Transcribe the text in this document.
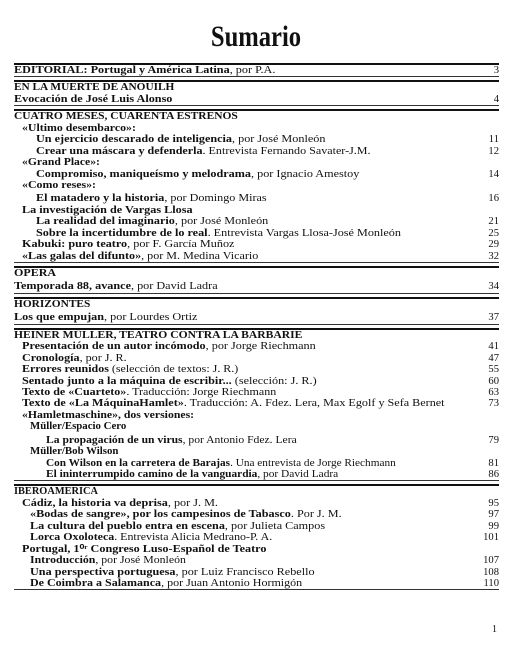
Sumario
EDITORIAL: Portugal y América Latina, por P.A.	3
EN LA MUERTE DE ANOUILH
Evocación de José Luis Alonso	4
CUATRO MESES, CUARENTA ESTRENOS
«Ultimo desembarco»:
Un ejercicio descarado de inteligencia, por José Monleón	11
Crear una máscara y defenderla. Entrevista Fernando Savater-J.M.	12
«Grand Place»:
Compromiso, maniqueísmo y melodrama, por Ignacio Amestoy	14
«Como reses»:
El matadero y la historia, por Domingo Miras	16
La investigación de Vargas Llosa
La realidad del imaginario, por José Monleón	21
Sobre la incertidumbre de lo real. Entrevista Vargas Llosa-José Monleón	25
Kabuki: puro teatro, por F. García Muñoz	29
«Las galas del difunto», por M. Medina Vicario	32
OPERA
Temporada 88, avance, por David Ladra	34
HORIZONTES
Los que empujan, por Lourdes Ortiz	37
HEINER MÜLLER, TEATRO CONTRA LA BARBARIE
Presentación de un autor incómodo, por Jorge Riechmann	41
Cronología, por J. R.	47
Errores reunidos (selección de textos: J. R.)	55
Sentado junto a la máquina de escribir... (selección: J. R.)	60
Texto de «Cuarteto». Traducción: Jorge Riechmann	63
Texto de «La MáquinaHamlet». Traducción: A. Fdez. Lera, Max Egolf y Sefa Bernet	73
«Hamletmaschine», dos versiones:
Müller/Espacio Cero
La propagación de un virus, por Antonio Fdez. Lera	79
Müller/Bob Wilson
Con Wilson en la carretera de Barajas. Una entrevista de Jorge Riechmann	81
El ininterrumpido camino de la vanguardia, por David Ladra	86
IBEROAMERICA
Cádiz, la historia va deprisa, por J. M.	95
«Bodas de sangre», por los campesinos de Tabasco. Por J. M.	97
La cultura del pueblo entra en escena, por Julieta Campos	99
Lorca Oxoloteca. Entrevista Alicia Medrano-P. A.	101
Portugal, 1⁰ʳ Congreso Luso-Español de Teatro
Introducción, por José Monleón	107
Una perspectiva portuguesa, por Luiz Francisco Rebello	108
De Coimbra a Salamanca, por Juan Antonio Hormigón	110
1
